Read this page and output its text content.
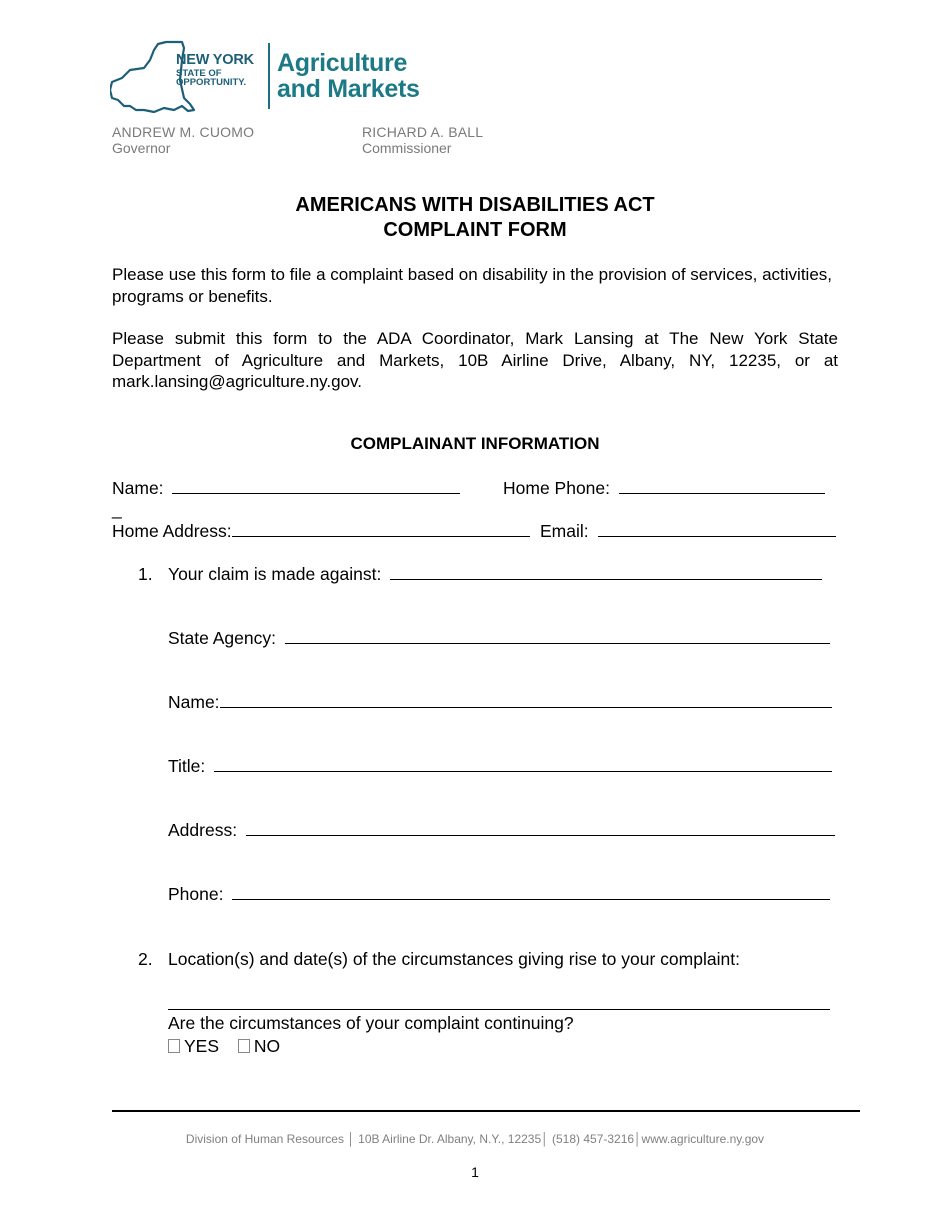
NEW YORK
STATE OF
OPPORTUNITY.
Agriculture
and Markets
ANDREW M. CUOMO
Governor
RICHARD A. BALL
Commissioner
AMERICANS WITH DISABILITIES ACT
COMPLAINT FORM
Please use this form to file a complaint based on disability in the provision of services, activities, programs or benefits.
Please submit this form to the ADA Coordinator, Mark Lansing at The New York State Department of Agriculture and Markets, 10B Airline Drive, Albany, NY, 12235, or at mark.lansing@agriculture.ny.gov.
COMPLAINANT INFORMATION
Name:	Home Phone:
_
Home Address:	Email:
1. Your claim is made against:
State Agency:
Name:
Title:
Address:
Phone:
2. Location(s) and date(s) of the circumstances giving rise to your complaint:
Are the circumstances of your complaint continuing?
YES NO
Division of Human Resources │ 10B Airline Dr. Albany, N.Y., 12235│ (518) 457-3216│www.agriculture.ny.gov
1
